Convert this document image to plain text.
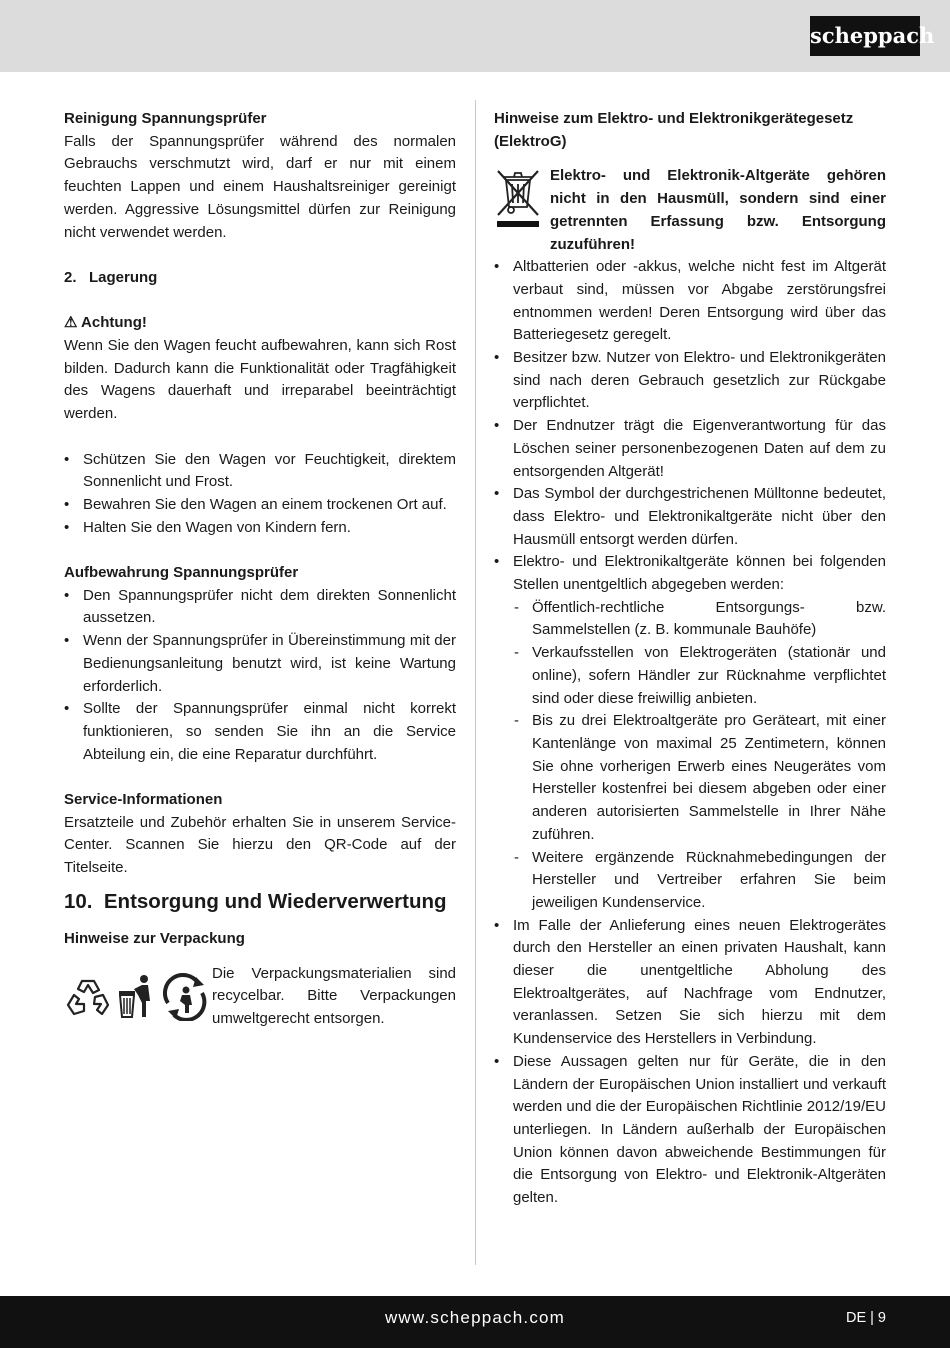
scheppach
Reinigung Spannungsprüfer
Falls der Spannungsprüfer während des normalen Gebrauchs verschmutzt wird, darf er nur mit einem feuchten Lappen und einem Haushaltsreiniger gereinigt werden. Aggressive Lösungsmittel dürfen zur Reinigung nicht verwendet werden.
2.   Lagerung
⚠ Achtung!
Wenn Sie den Wagen feucht aufbewahren, kann sich Rost bilden. Dadurch kann die Funktionalität oder Tragfähigkeit des Wagens dauerhaft und irreparabel beeinträchtigt werden.
• Schützen Sie den Wagen vor Feuchtigkeit, direktem Sonnenlicht und Frost.
• Bewahren Sie den Wagen an einem trockenen Ort auf.
• Halten Sie den Wagen von Kindern fern.
Aufbewahrung Spannungsprüfer
• Den Spannungsprüfer nicht dem direkten Sonnenlicht aussetzen.
• Wenn der Spannungsprüfer in Übereinstimmung mit der Bedienungsanleitung benutzt wird, ist keine Wartung erforderlich.
• Sollte der Spannungsprüfer einmal nicht korrekt funktionieren, so senden Sie ihn an die Service Abteilung ein, die eine Reparatur durchführt.
Service-Informationen
Ersatzteile und Zubehör erhalten Sie in unserem Service-Center. Scannen Sie hierzu den QR-Code auf der Titelseite.
10.  Entsorgung und Wiederverwertung
Hinweise zur Verpackung
Die Verpackungsmaterialien sind recycelbar. Bitte Verpackungen umweltgerecht entsorgen.
Hinweise zum Elektro- und Elektronikgerätegesetz (ElektroG)
Elektro- und Elektronik-Altgeräte gehören nicht in den Hausmüll, sondern sind einer getrennten Erfassung bzw. Entsorgung zuzuführen!
• Altbatterien oder -akkus, welche nicht fest im Altgerät verbaut sind, müssen vor Abgabe zerstörungsfrei entnommen werden! Deren Entsorgung wird über das Batteriegesetz geregelt.
• Besitzer bzw. Nutzer von Elektro- und Elektronikgeräten sind nach deren Gebrauch gesetzlich zur Rückgabe verpflichtet.
• Der Endnutzer trägt die Eigenverantwortung für das Löschen seiner personenbezogenen Daten auf dem zu entsorgenden Altgerät!
• Das Symbol der durchgestrichenen Mülltonne bedeutet, dass Elektro- und Elektronikaltgeräte nicht über den Hausmüll entsorgt werden dürfen.
• Elektro- und Elektronikaltgeräte können bei folgenden Stellen unentgeltlich abgegeben werden:
- Öffentlich-rechtliche Entsorgungs- bzw. Sammelstellen (z. B. kommunale Bauhöfe)
- Verkaufsstellen von Elektrogeräten (stationär und online), sofern Händler zur Rücknahme verpflichtet sind oder diese freiwillig anbieten.
- Bis zu drei Elektroaltgeräte pro Geräteart, mit einer Kantenlänge von maximal 25 Zentimetern, können Sie ohne vorherigen Erwerb eines Neugerätes vom Hersteller kostenfrei bei diesem abgeben oder einer anderen autorisierten Sammelstelle in Ihrer Nähe zuführen.
- Weitere ergänzende Rücknahmebedingungen der Hersteller und Vertreiber erfahren Sie beim jeweiligen Kundenservice.
• Im Falle der Anlieferung eines neuen Elektrogerätes durch den Hersteller an einen privaten Haushalt, kann dieser die unentgeltliche Abholung des Elektroaltgerätes, auf Nachfrage vom Endnutzer, veranlassen. Setzen Sie sich hierzu mit dem Kundenservice des Herstellers in Verbindung.
• Diese Aussagen gelten nur für Geräte, die in den Ländern der Europäischen Union installiert und verkauft werden und die der Europäischen Richtlinie 2012/19/EU unterliegen. In Ländern außerhalb der Europäischen Union können davon abweichende Bestimmungen für die Entsorgung von Elektro- und Elektronik-Altgeräten gelten.
www.scheppach.com	DE | 9
